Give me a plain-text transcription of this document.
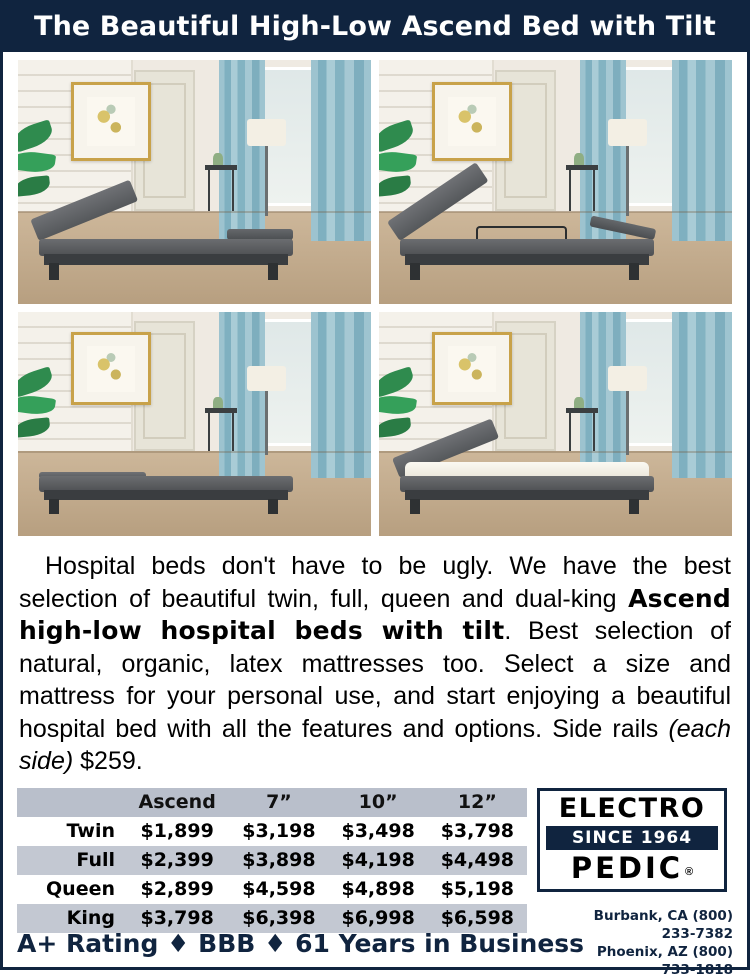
The Beautiful High-Low Ascend Bed with Tilt
Hospital beds don't have to be ugly. We have the best selection of beautiful twin, full, queen and dual-king Ascend high-low hospital beds with tilt. Best selection of natural, organic, latex mattresses too. Select a size and mattress for your personal use, and start enjoying a beautiful hospital bed with all the features and options. Side rails (each side) $259.
	Ascend	7”	10”	12”
Twin	$1,899	$3,198	$3,498	$3,798
Full	$2,399	$3,898	$4,198	$4,498
Queen	$2,899	$4,598	$4,898	$5,198
King	$3,798	$6,398	$6,998	$6,598
ELECTRO
SINCE 1964
PEDIC ®
A+ Rating ♦ BBB ♦ 61 Years in Business
Burbank, CA (800) 233-7382
Phoenix, AZ (800) 733-1818
